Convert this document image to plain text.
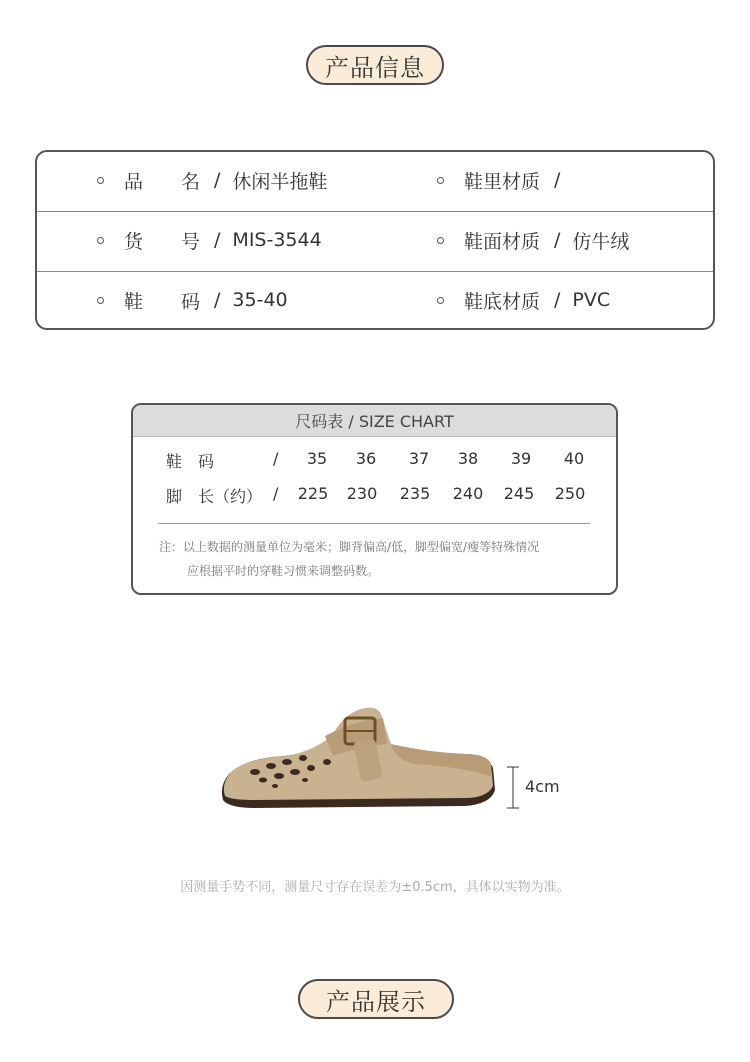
产品信息
品　　名 / 休闲半拖鞋	鞋里材质 /
货　　号 / MIS-3544	鞋面材质 / 仿牛绒
鞋　　码 / 35-40	鞋底材质 / PVC
尺码表 / SIZE CHART
鞋　码	/	35	36	37	38	39	40
脚　长（约） /	225	230	235	240	245	250
注：以上数据的测量单位为毫米；脚背偏高/低，脚型偏宽/瘦等特殊情况
应根据平时的穿鞋习惯来调整码数。
4cm
因测量手势不同，测量尺寸存在误差为±0.5cm，具体以实物为准。
产品展示
